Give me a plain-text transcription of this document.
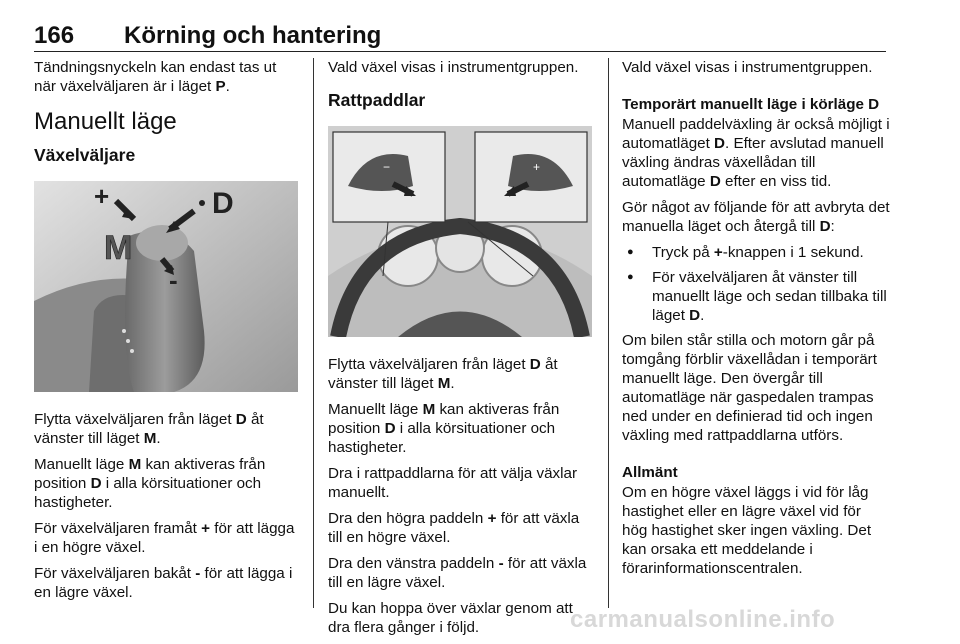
166 Körning och hantering

Tändningsnyckeln kan endast tas ut när växelväljaren är i läget P.

Manuellt läge
Växelväljare
+	D
M
-

Flytta växelväljaren från läget D åt vänster till läget M.

Manuellt läge M kan aktiveras från position D i alla körsituationer och hastigheter.

För växelväljaren framåt + för att lägga i en högre växel.

För växelväljaren bakåt - för att lägga i en lägre växel.

Vald växel visas i instrumentgruppen.

Rattpaddlar
−	+

Flytta växelväljaren från läget D åt vänster till läget M.

Manuellt läge M kan aktiveras från position D i alla körsituationer och hastigheter.

Dra i rattpaddlarna för att välja växlar manuellt.

Dra den högra paddeln + för att växla till en högre växel.

Dra den vänstra paddeln - för att växla till en lägre växel.

Du kan hoppa över växlar genom att dra flera gånger i följd.

Vald växel visas i instrumentgruppen.

Temporärt manuellt läge i körläge D

Manuell paddelväxling är också möjligt i automatläget D. Efter avslutad manuell växling ändras växellådan till automatläge D efter en viss tid.

Gör något av följande för att avbryta det manuella läget och återgå till D:

● Tryck på +-knappen i 1 sekund.
● För växelväljaren åt vänster till manuellt läge och sedan tillbaka till läget D.

Om bilen står stilla och motorn går på tomgång förblir växellådan i temporärt manuellt läge. Den övergår till automatläge när gaspedalen trampas ned under en definierad tid och ingen växling med rattpaddlarna utförs.

Allmänt

Om en högre växel läggs i vid för låg hastighet eller en lägre växel vid för hög hastighet sker ingen växling. Det kan orsaka ett meddelande i förarinformationscentralen.

carmanualsonline.info
